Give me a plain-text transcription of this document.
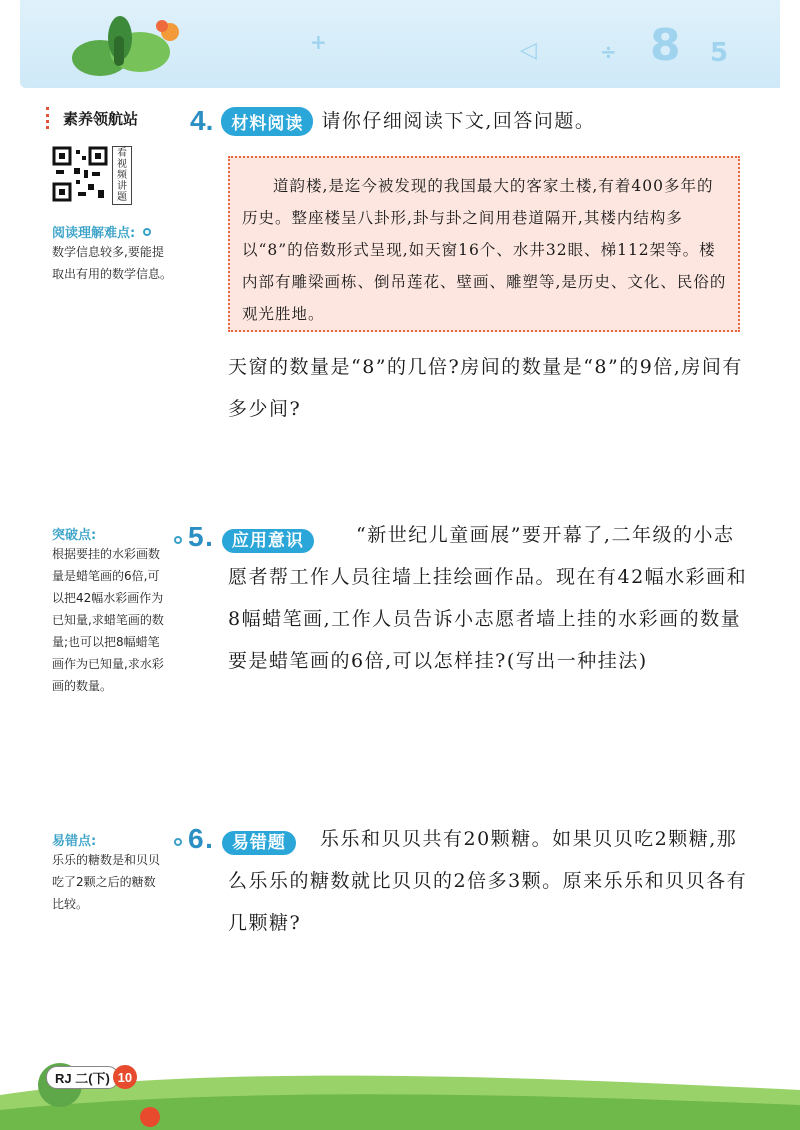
+	◁	÷ 8 5
素养领航站
看视频讲题
阅读理解难点:
数学信息较多,要能提取出有用的数学信息。
突破点:
根据要挂的水彩画数量是蜡笔画的6倍,可以把42幅水彩画作为已知量,求蜡笔画的数量;也可以把8幅蜡笔画作为已知量,求水彩画的数量。
易错点:
乐乐的糖数是和贝贝吃了2颗之后的糖数比较。
4.	材料阅读 请你仔细阅读下文,回答问题。
道韵楼,是迄今被发现的我国最大的客家土楼,有着400多年的历史。整座楼呈八卦形,卦与卦之间用巷道隔开,其楼内结构多以“8”的倍数形式呈现,如天窗16个、水井32眼、梯112架等。楼内部有雕梁画栋、倒吊莲花、壁画、雕塑等,是历史、文化、民俗的观光胜地。
天窗的数量是“8”的几倍?房间的数量是“8”的9倍,房间有多少间?
5. 应用意识	“新世纪儿童画展”要开幕了,二年级的小志愿者帮工作人员往墙上挂绘画作品。现在有42幅水彩画和8幅蜡笔画,工作人员告诉小志愿者墙上挂的水彩画的数量要是蜡笔画的6倍,可以怎样挂?(写出一种挂法)
6. 易错题	乐乐和贝贝共有20颗糖。如果贝贝吃2颗糖,那么乐乐的糖数就比贝贝的2倍多3颗。原来乐乐和贝贝各有几颗糖?
RJ 二(下) 10
